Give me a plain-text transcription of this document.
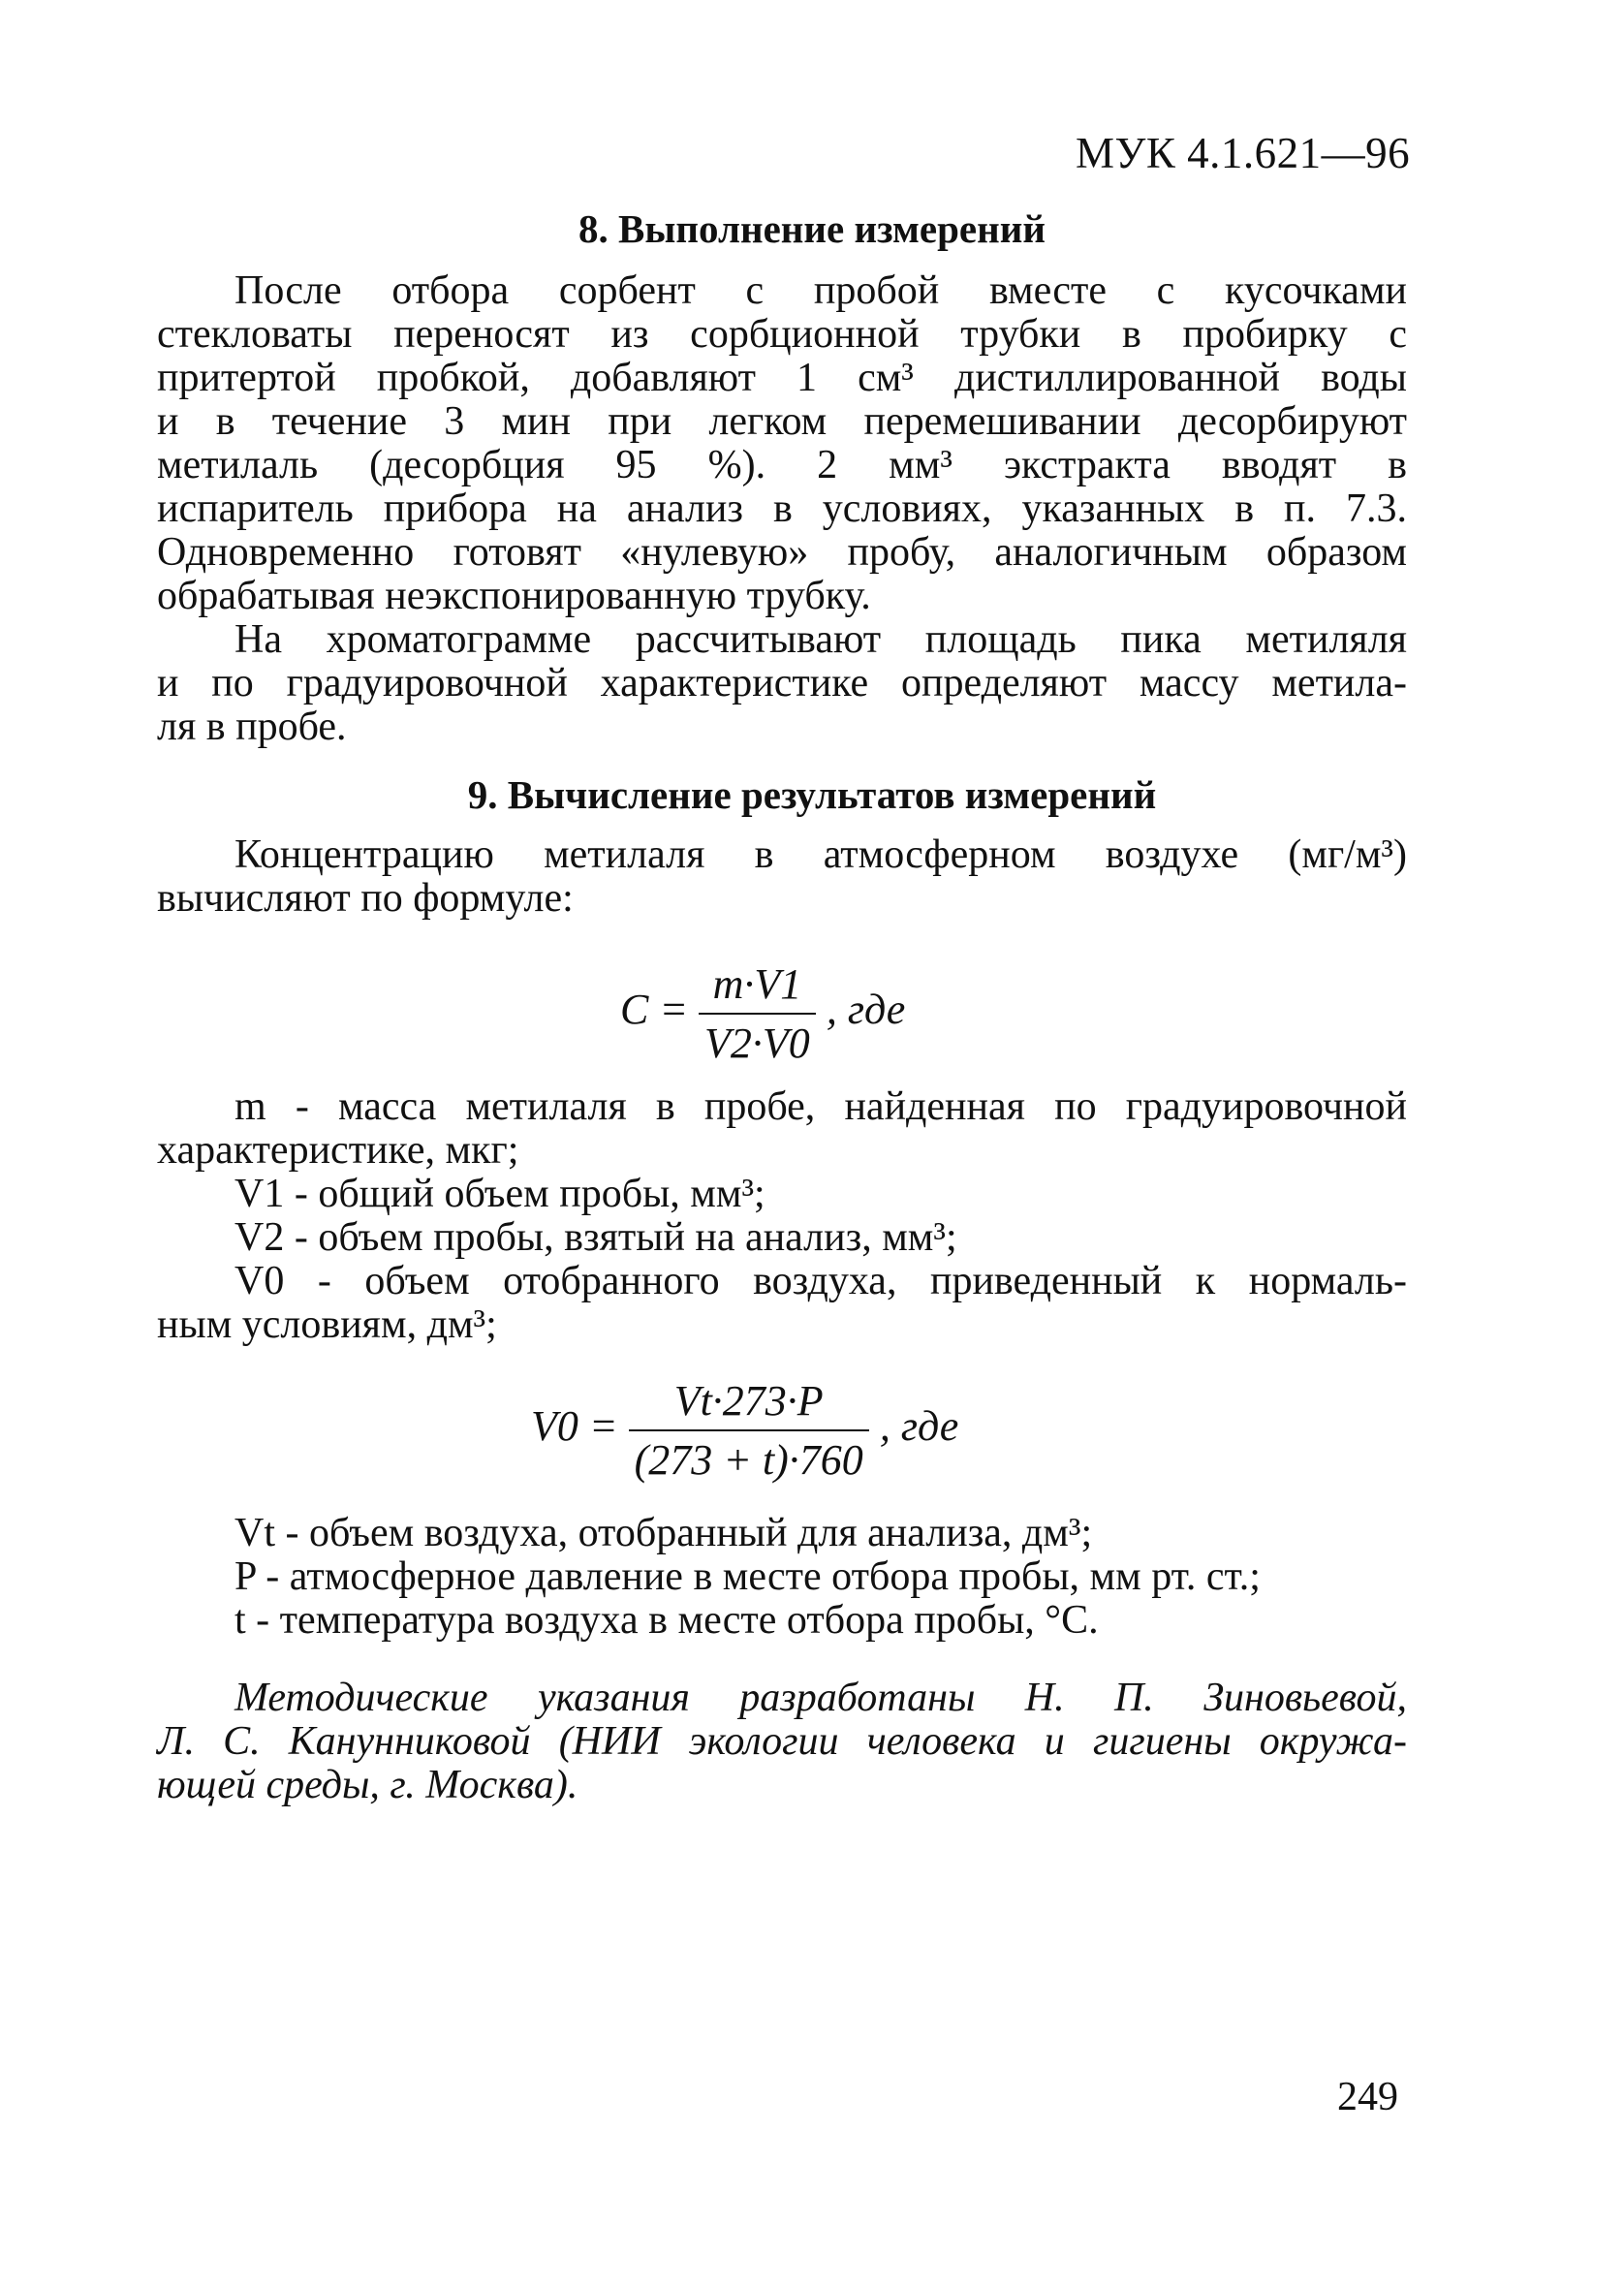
МУК 4.1.621—96
8. Выполнение измерений
После отбора сорбент с пробой вместе с кусочками
стекловаты переносят из сорбционной трубки в пробирку с
притертой пробкой, добавляют 1 см³ дистиллированной воды
и в течение 3 мин при легком перемешивании десорбируют
метилаль (десорбция 95 %). 2 мм³ экстракта вводят в
испаритель прибора на анализ в условиях, указанных в п. 7.3.
Одновременно готовят «нулевую» пробу, аналогичным образом
обрабатывая неэкспонированную трубку.
На хроматограмме рассчитывают площадь пика метиляля
и по градуировочной характеристике определяют массу метила-
ля в пробе.
9. Вычисление результатов измерений
Концентрацию метилаля в атмосферном воздухе (мг/м³)
вычисляют по формуле:
$C = \frac{m\cdot V1}{V2\cdot V0}$ , где
m - масса метилаля в пробе, найденная по градуировочной
характеристике, мкг;
V1 - общий объем пробы, мм³;
V2 - объем пробы, взятый на анализ, мм³;
V0 - объем отобранного воздуха, приведенный к нормаль-
ным условиям, дм³;
$V0 = \frac{Vt\cdot 273\cdot P}{(273 + t)\cdot 760}$ , где
Vt - объем воздуха, отобранный для анализа, дм³;
P - атмосферное давление в месте отбора пробы, мм рт. ст.;
t - температура воздуха в месте отбора пробы, °С.
Методические указания разработаны Н. П. Зиновьевой,
Л. С. Канунниковой (НИИ экологии человека и гигиены окружа-
ющей среды, г. Москва).
249
